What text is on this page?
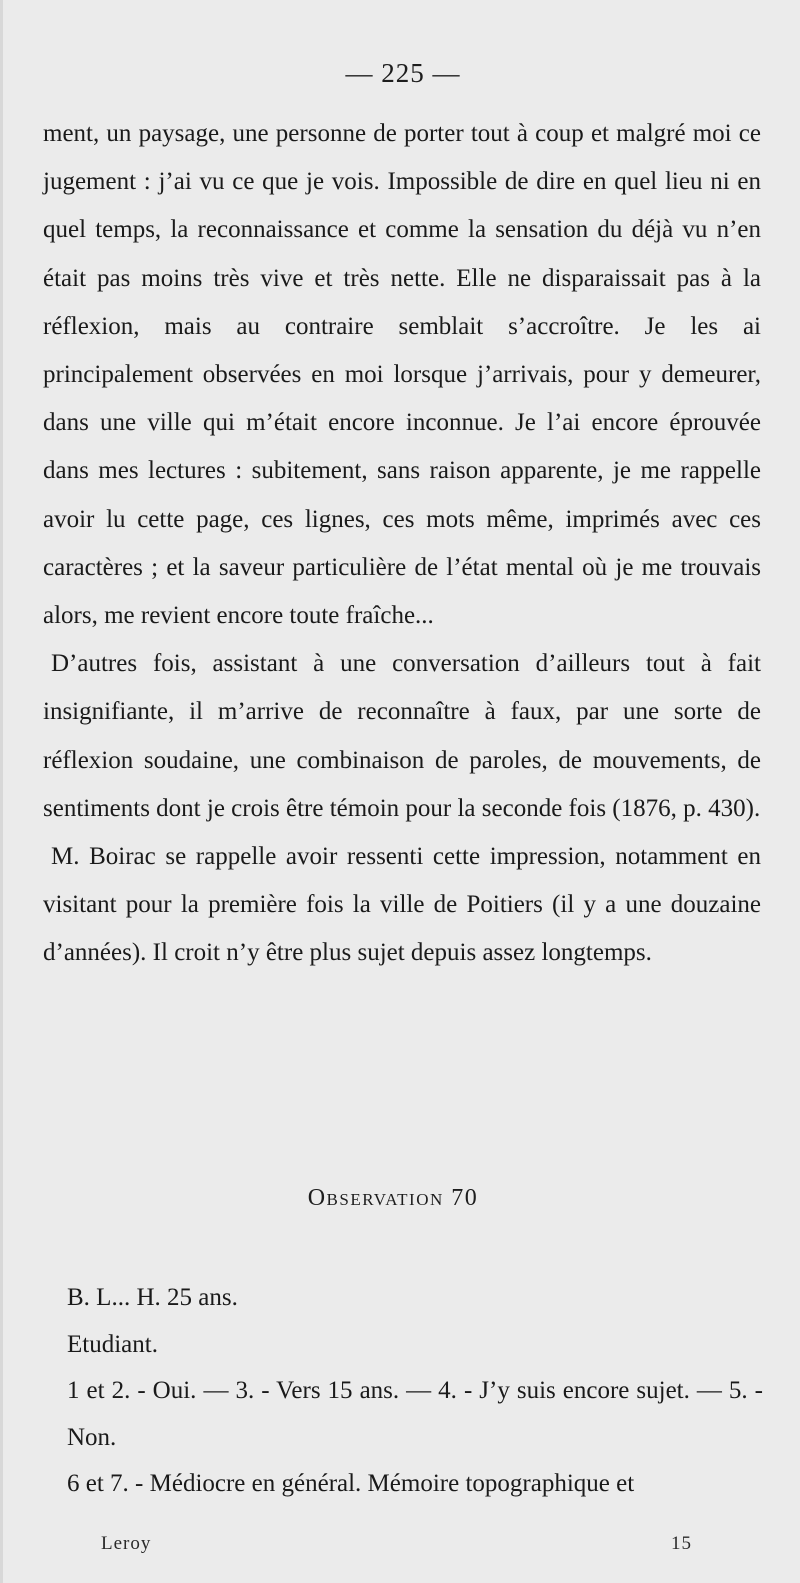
— 225 —

ment, un paysage, une personne de porter tout à coup et malgré moi ce jugement : j’ai vu ce que je vois. Impossible de dire en quel lieu ni en quel temps, la reconnaissance et comme la sensation du déjà vu n’en était pas moins très vive et très nette. Elle ne disparaissait pas à la réflexion, mais au contraire semblait s’accroître. Je les ai principalement observées en moi lorsque j’arrivais, pour y demeurer, dans une ville qui m’était encore inconnue. Je l’ai encore éprouvée dans mes lectures : subitement, sans raison apparente, je me rappelle avoir lu cette page, ces lignes, ces mots même, imprimés avec ces caractères ; et la saveur particulière de l’état mental où je me trouvais alors, me revient encore toute fraîche...

D’autres fois, assistant à une conversation d’ailleurs tout à fait insignifiante, il m’arrive de reconnaître à faux, par une sorte de réflexion soudaine, une combinaison de paroles, de mouvements, de sentiments dont je crois être témoin pour la seconde fois (1876, p. 430).

M. Boirac se rappelle avoir ressenti cette impression, notamment en visitant pour la première fois la ville de Poitiers (il y a une douzaine d’années). Il croit n’y être plus sujet depuis assez longtemps.

Observation 70

B. L... H. 25 ans.

Etudiant.

1 et 2. - Oui. — 3. - Vers 15 ans. — 4. - J’y suis encore sujet. — 5. - Non.

6 et 7. - Médiocre en général. Mémoire topographique et

Leroy	15
